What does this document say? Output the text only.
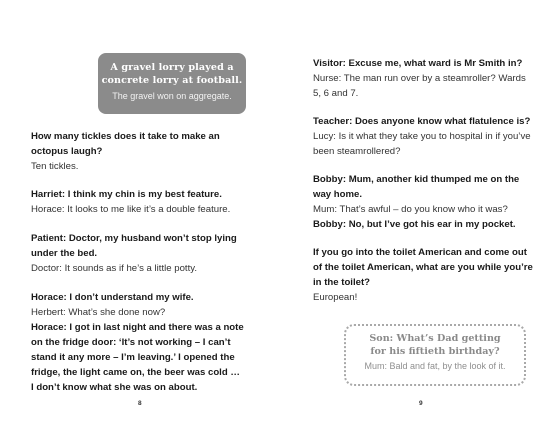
A gravel lorry played a
concrete lorry at football.
The gravel won on aggregate.
How many tickles does it take to make an
octopus laugh?
Ten tickles.
Harriet: I think my chin is my best feature.
Horace: It looks to me like it’s a double feature.
Patient: Doctor, my husband won’t stop lying
under the bed.
Doctor: It sounds as if he’s a little potty.
Horace: I don’t understand my wife.
Herbert: What’s she done now?
Horace: I got in last night and there was a note
on the fridge door: ‘It’s not working – I can’t
stand it any more – I’m leaving.’ I opened the
fridge, the light came on, the beer was cold …
I don’t know what she was on about.
8
Visitor: Excuse me, what ward is Mr Smith in?
Nurse: The man run over by a steamroller? Wards
5, 6 and 7.
Teacher: Does anyone know what flatulence is?
Lucy: Is it what they take you to hospital in if you’ve
been steamrollered?
Bobby: Mum, another kid thumped me on the
way home.
Mum: That’s awful – do you know who it was?
Bobby: No, but I’ve got his ear in my pocket.
If you go into the toilet American and come out
of the toilet American, what are you while you’re
in the toilet?
European!
9
Son: What’s Dad getting
for his fiftieth birthday?
Mum: Bald and fat, by the look of it.
